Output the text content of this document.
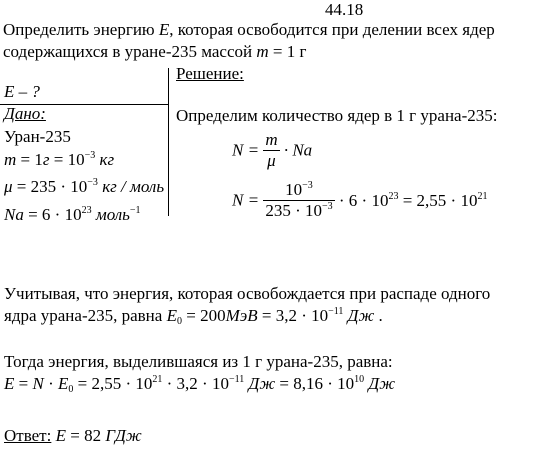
44.18
Определить энергию E, которая освободится при делении всех ядер
содержащихся в уране-235 массой m = 1 г
E – ?
Дано:
Уран-235
$m = 1г = 10^{-3}$ кг
$\mu = 235 \cdot 10^{-3}$ кг / моль
$Na = 6 \cdot 10^{23}$ моль$^{-1}$
Решение:
Определим количество ядер в 1 г урана-235:
$N = \frac{m}{\mu} \cdot Na$
$N = \frac{10^{-3}}{235 \cdot 10^{-3}} \cdot 6 \cdot 10^{23} = 2,55 \cdot 10^{21}$
Учитывая, что энергия, которая освобождается при распаде одного
ядра урана-235, равна $E_0 = 200МэВ = 3,2 \cdot 10^{-11}$ Дж .
Тогда энергия, выделившаяся из 1 г урана-235, равна:
$E = N \cdot E_0 = 2,55 \cdot 10^{21} \cdot 3,2 \cdot 10^{-11}$ Дж = $8,16 \cdot 10^{10}$ Дж
Ответ: E = 82 ГДж
